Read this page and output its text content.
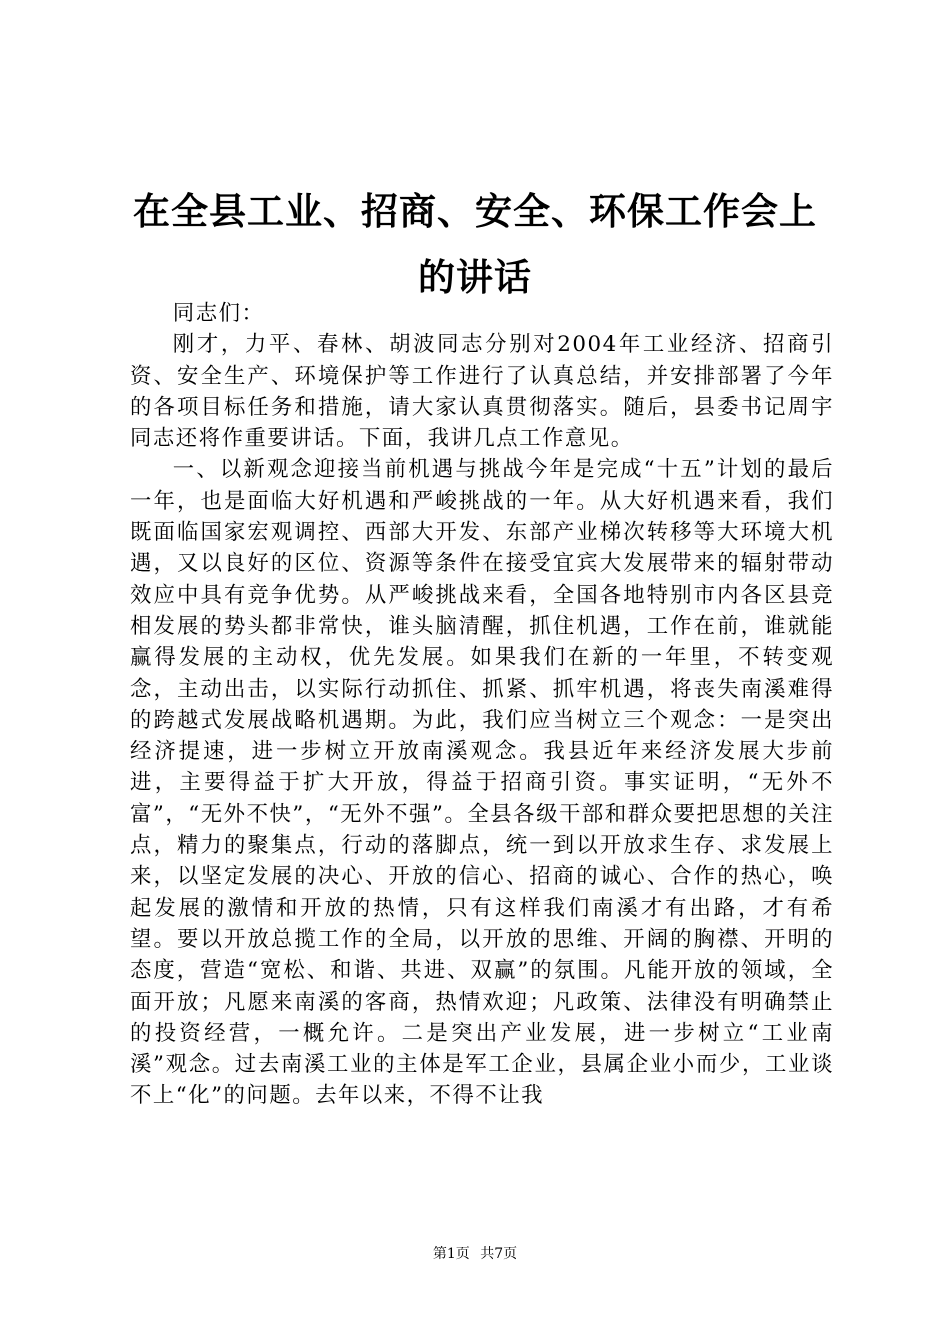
在全县工业、招商、安全、环保工作会上的讲话

同志们：

刚才，力平、春林、胡波同志分别对2004年工业经济、招商引资、安全生产、环境保护等工作进行了认真总结，并安排部署了今年的各项目标任务和措施，请大家认真贯彻落实。随后，县委书记周宇同志还将作重要讲话。下面，我讲几点工作意见。

一、以新观念迎接当前机遇与挑战今年是完成“十五”计划的最后一年，也是面临大好机遇和严峻挑战的一年。从大好机遇来看，我们既面临国家宏观调控、西部大开发、东部产业梯次转移等大环境大机遇，又以良好的区位、资源等条件在接受宜宾大发展带来的辐射带动效应中具有竞争优势。从严峻挑战来看，全国各地特别市内各区县竞相发展的势头都非常快，谁头脑清醒，抓住机遇，工作在前，谁就能赢得发展的主动权，优先发展。如果我们在新的一年里，不转变观念，主动出击，以实际行动抓住、抓紧、抓牢机遇，将丧失南溪难得的跨越式发展战略机遇期。为此，我们应当树立三个观念：一是突出经济提速，进一步树立开放南溪观念。我县近年来经济发展大步前进，主要得益于扩大开放，得益于招商引资。事实证明，“无外不富”，“无外不快”，“无外不强”。全县各级干部和群众要把思想的关注点，精力的聚集点，行动的落脚点，统一到以开放求生存、求发展上来，以坚定发展的决心、开放的信心、招商的诚心、合作的热心，唤起发展的激情和开放的热情，只有这样我们南溪才有出路，才有希望。要以开放总揽工作的全局，以开放的思维、开阔的胸襟、开明的态度，营造“宽松、和谐、共进、双赢”的氛围。凡能开放的领域，全面开放；凡愿来南溪的客商，热情欢迎；凡政策、法律没有明确禁止的投资经营，一概允许。二是突出产业发展，进一步树立“工业南溪”观念。过去南溪工业的主体是军工企业，县属企业小而少，工业谈不上“化”的问题。去年以来，不得不让我

第1页 共7页
